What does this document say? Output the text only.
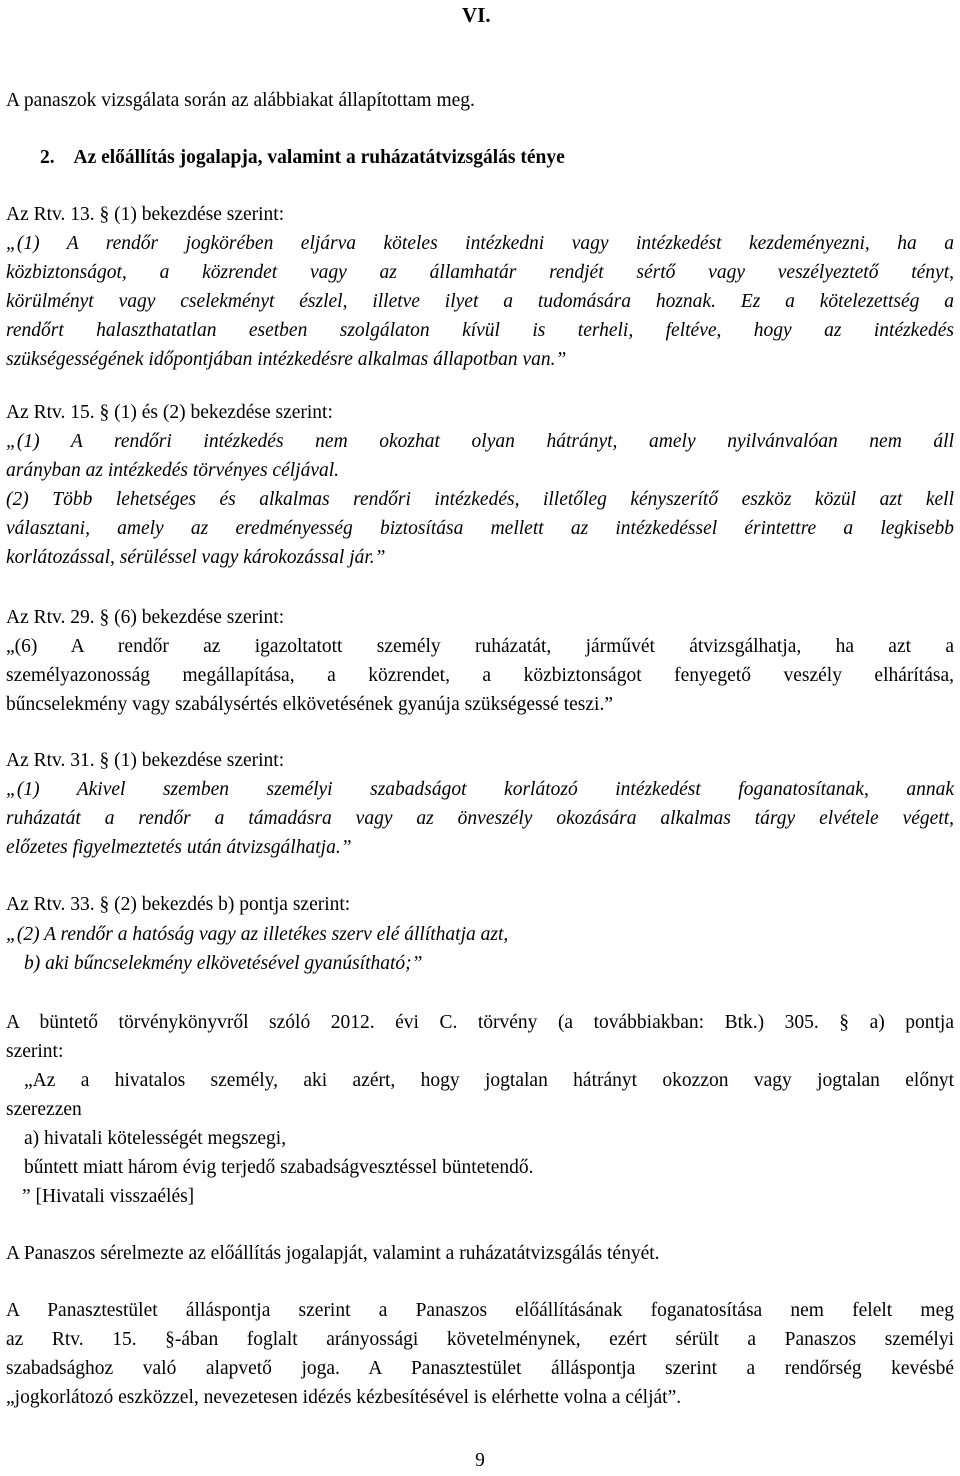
VI.
A panaszok vizsgálata során az alábbiakat állapítottam meg.
2. Az előállítás jogalapja, valamint a ruházatátvizsgálás ténye
Az Rtv. 13. § (1) bekezdése szerint:
„(1) A rendőr jogkörében eljárva köteles intézkedni vagy intézkedést kezdeményezni, ha a
közbiztonságot, a közrendet vagy az államhatár rendjét sértő vagy veszélyeztető tényt,
körülményt vagy cselekményt észlel, illetve ilyet a tudomására hoznak. Ez a kötelezettség a
rendőrt halaszthatatlan esetben szolgálaton kívül is terheli, feltéve, hogy az intézkedés
szükségességének időpontjában intézkedésre alkalmas állapotban van.”
Az Rtv. 15. § (1) és (2) bekezdése szerint:
„(1) A rendőri intézkedés nem okozhat olyan hátrányt, amely nyilvánvalóan nem áll
arányban az intézkedés törvényes céljával.
(2) Több lehetséges és alkalmas rendőri intézkedés, illetőleg kényszerítő eszköz közül azt kell
választani, amely az eredményesség biztosítása mellett az intézkedéssel érintettre a legkisebb
korlátozással, sérüléssel vagy károkozással jár.”
Az Rtv. 29. § (6) bekezdése szerint:
„(6) A rendőr az igazoltatott személy ruházatát, járművét átvizsgálhatja, ha azt a
személyazonosság megállapítása, a közrendet, a közbiztonságot fenyegető veszély elhárítása,
bűncselekmény vagy szabálysértés elkövetésének gyanúja szükségessé teszi.”
Az Rtv. 31. § (1) bekezdése szerint:
„(1) Akivel szemben személyi szabadságot korlátozó intézkedést foganatosítanak, annak
ruházatát a rendőr a támadásra vagy az önveszély okozására alkalmas tárgy elvétele végett,
előzetes figyelmeztetés után átvizsgálhatja.”
Az Rtv. 33. § (2) bekezdés b) pontja szerint:
„(2) A rendőr a hatóság vagy az illetékes szerv elé állíthatja azt,
b) aki bűncselekmény elkövetésével gyanúsítható;”
A büntető törvénykönyvről szóló 2012. évi C. törvény (a továbbiakban: Btk.) 305. § a) pontja
szerint:
„Az a hivatalos személy, aki azért, hogy jogtalan hátrányt okozzon vagy jogtalan előnyt
szerezzen
a) hivatali kötelességét megszegi,
bűntett miatt három évig terjedő szabadságvesztéssel büntetendő.
” [Hivatali visszaélés]
A Panaszos sérelmezte az előállítás jogalapját, valamint a ruházatátvizsgálás tényét.
A Panasztestület álláspontja szerint a Panaszos előállításának foganatosítása nem felelt meg
az Rtv. 15. §-ában foglalt arányossági követelménynek, ezért sérült a Panaszos személyi
szabadsághoz való alapvető joga. A Panasztestület álláspontja szerint a rendőrség kevésbé
„jogkorlátozó eszközzel, nevezetesen idézés kézbesítésével is elérhette volna a célját”.
9
